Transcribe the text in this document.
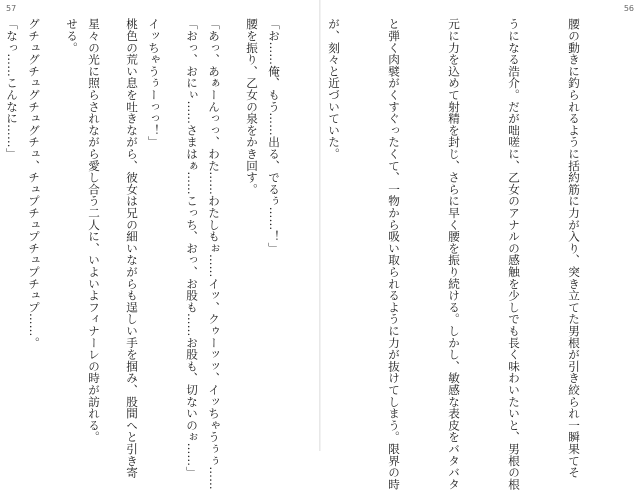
57

腰を振り、乙女の泉をかき回す。

「おっ、おにぃ……さまはぁ……こっち、おっ、お股も……お股も、切ないのぉ……」

桃色の荒い息を吐きながら、彼女は兄の細いながらも逞しい手を掴み、股間へと引き寄

せる。

「なっ……こんなに……」

56

腰の動きに釣られるように括約筋に力が入り、突き立てた男根が引き絞られ一瞬果てそ

うになる浩介。だが咄嗟に、乙女のアナルの感触を少しでも長く味わいたいと、男根の根

元に力を込めて射精を封じ、さらに早く腰を振り続ける。しかし、敏感な表皮をバタバタ

と弾く肉襞がくすぐったくて、一物から吸い取られるように力が抜けてしまう。限界の時

が、刻々と近づいていた。

「お……俺、もう……出る、でるぅ……！」

「あっ、あぁーんっっ、わた……わたしもぉ……イッ、クゥーッッ、イッちゃうぅぅ……

イッちゃうぅーっっ！」

星々の光に照らされながら愛し合う二人に、いよいよフィナーレの時が訪れる。

グチュグチュグチュグチュ、チュプチュプチュプチュプ……。
